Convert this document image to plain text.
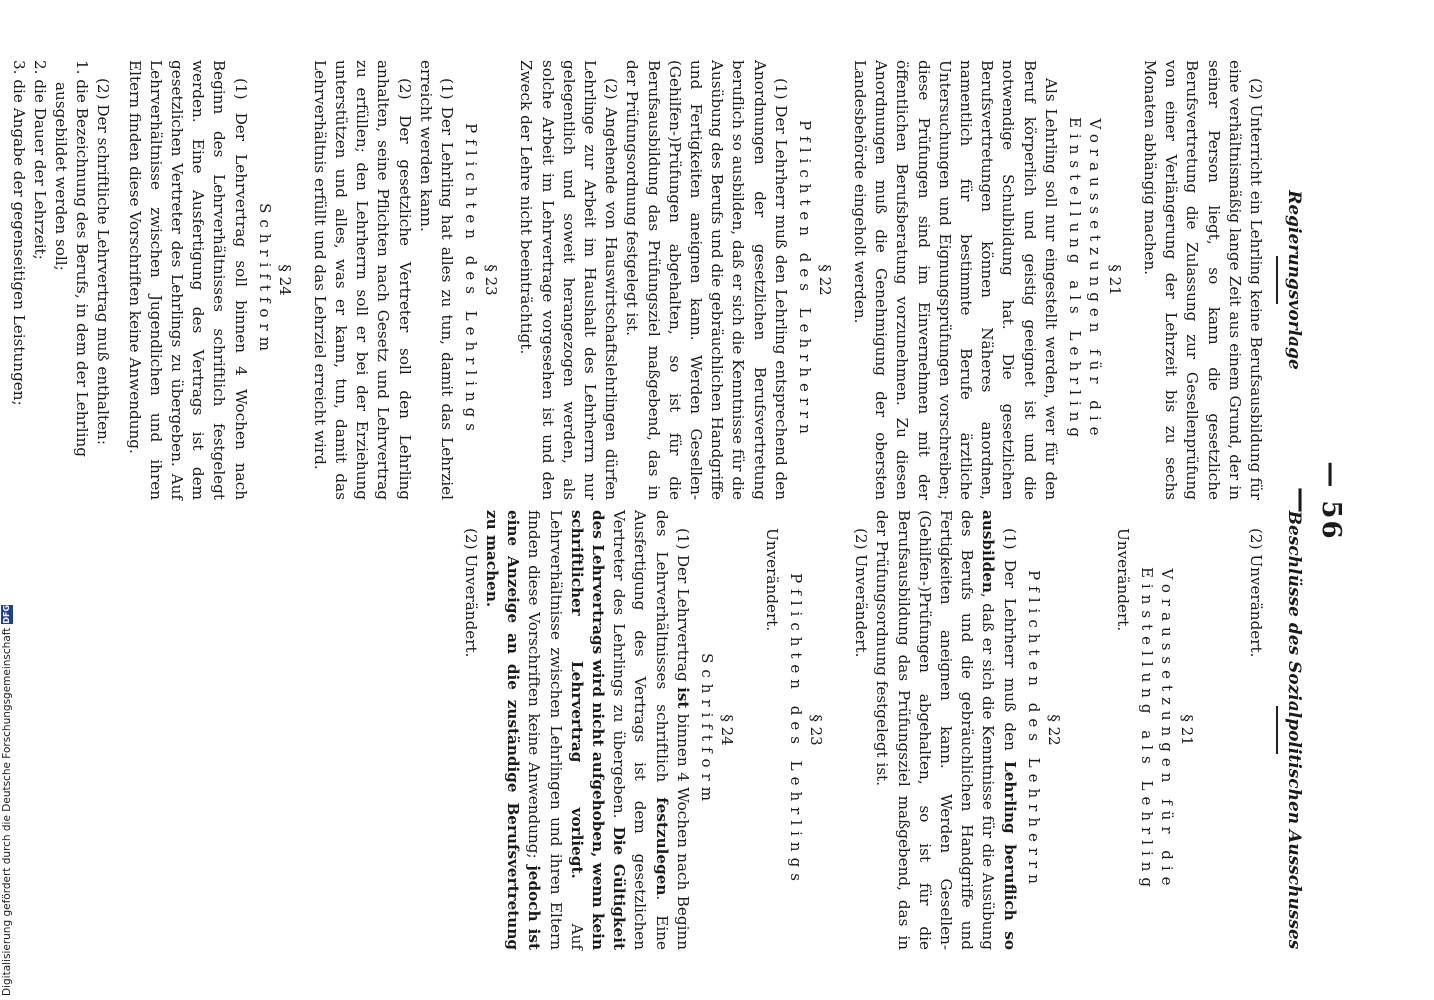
— 56 —
Regierungsvorlage

(2) Unterricht ein Lehrling keine Berufsausbildung für eine verhältnismäßig lange Zeit aus einem Grund, der in seiner Person liegt, so kann die gesetzliche Berufsvertretung die Zulassung zur Gesellenprüfung von einer Verlängerung der Lehrzeit bis zu sechs Monaten abhängig machen.

§ 21
Voraussetzungen für die Einstellung als Lehrling

Als Lehrling soll nur eingestellt werden, wer für den Beruf körperlich und geistig geeignet ist und die notwendige Schulbildung hat. Die gesetzlichen Berufsvertretungen können Näheres anordnen, namentlich für bestimmte Berufe ärztliche Untersuchungen und Eignungsprüfungen vorschreiben; diese Prüfungen sind im Einvernehmen mit der öffentlichen Berufsberatung vorzunehmen. Zu diesen Anordnungen muß die Genehmigung der obersten Landesbehörde eingeholt werden.

§ 22
Pflichten des Lehrherrn

(1) Der Lehrherr muß den Lehrling entsprechend den Anordnungen der gesetzlichen Berufsvertretung beruflich so ausbilden, daß er sich die Kenntnisse für die Ausübung des Berufs und die gebräuchlichen Handgriffe und Fertigkeiten aneignen kann. Werden Gesellen-(Gehilfen-)Prüfungen abgehalten, so ist für die Berufsausbildung das Prüfungsziel maßgebend, das in der Prüfungsordnung festgelegt ist.

(2) Angehende von Hauswirtschaftslehrlingen dürfen Lehrlinge zur Arbeit im Haushalt des Lehrherrn nur gelegentlich und soweit herangezogen werden, als solche Arbeit im Lehrvertrage vorgesehen ist und den Zweck der Lehre nicht beeinträchtigt.

§ 23
Pflichten des Lehrlings

(1) Der Lehrling hat alles zu tun, damit das Lehrziel erreicht werden kann.

(2) Der gesetzliche Vertreter soll den Lehrling anhalten, seine Pflichten nach Gesetz und Lehrvertrag zu erfüllen; den Lehrherrn soll er bei der Erziehung unterstützen und alles, was er kann, tun, damit das Lehrverhältnis erfüllt und das Lehrziel erreicht wird.

§ 24
Schriftform

(1) Der Lehrvertrag soll binnen 4 Wochen nach Beginn des Lehrverhältnisses schriftlich festgelegt werden. Eine Ausfertigung des Vertrags ist dem gesetzlichen Vertreter des Lehrlings zu übergeben. Auf Lehrverhältnisse zwischen Jugendlichen und ihren Eltern finden diese Vorschriften keine Anwendung.

(2) Der schriftliche Lehrvertrag muß enthalten:

1. die Bezeichnung des Berufs, in dem der Lehrling ausgebildet werden soll;
2. die Dauer der Lehrzeit;
3. die Angabe der gegenseitigen Leistungen;
Beschlüsse des Sozialpolitischen Ausschusses

(2) Unverändert.

§ 21
Voraussetzungen für die Einstellung als Lehrling

Unverändert.

§ 22
Pflichten des Lehrherrn

(1) Der Lehrherr muß den Lehrling beruflich so ausbilden, daß er sich die Kenntnisse für die Ausübung des Berufs und die gebräuchlichen Handgriffe und Fertigkeiten aneignen kann. Werden Gesellen-(Gehilfen-)Prüfungen abgehalten, so ist für die Berufsausbildung das Prüfungsziel maßgebend, das in der Prüfungsordnung festgelegt ist.

(2) Unverändert.

§ 23
Pflichten des Lehrlings

Unverändert.

§ 24
Schriftform

(1) Der Lehrvertrag ist binnen 4 Wochen nach Beginn des Lehrverhältnisses schriftlich festzulegen. Eine Ausfertigung des Vertrags ist dem gesetzlichen Vertreter des Lehrlings zu übergeben. Die Gültigkeit des Lehrvertrags wird nicht aufgehoben, wenn kein schriftlicher Lehrvertrag vorliegt. Auf Lehrverhältnisse zwischen Lehrlingen und ihren Eltern finden diese Vorschriften keine Anwendung; jedoch ist eine Anzeige an die zuständige Berufsvertretung zu machen.

(2) Unverändert.

Digitalisierung gefördert durch die Deutsche Forschungsgemeinschaft
DFG
